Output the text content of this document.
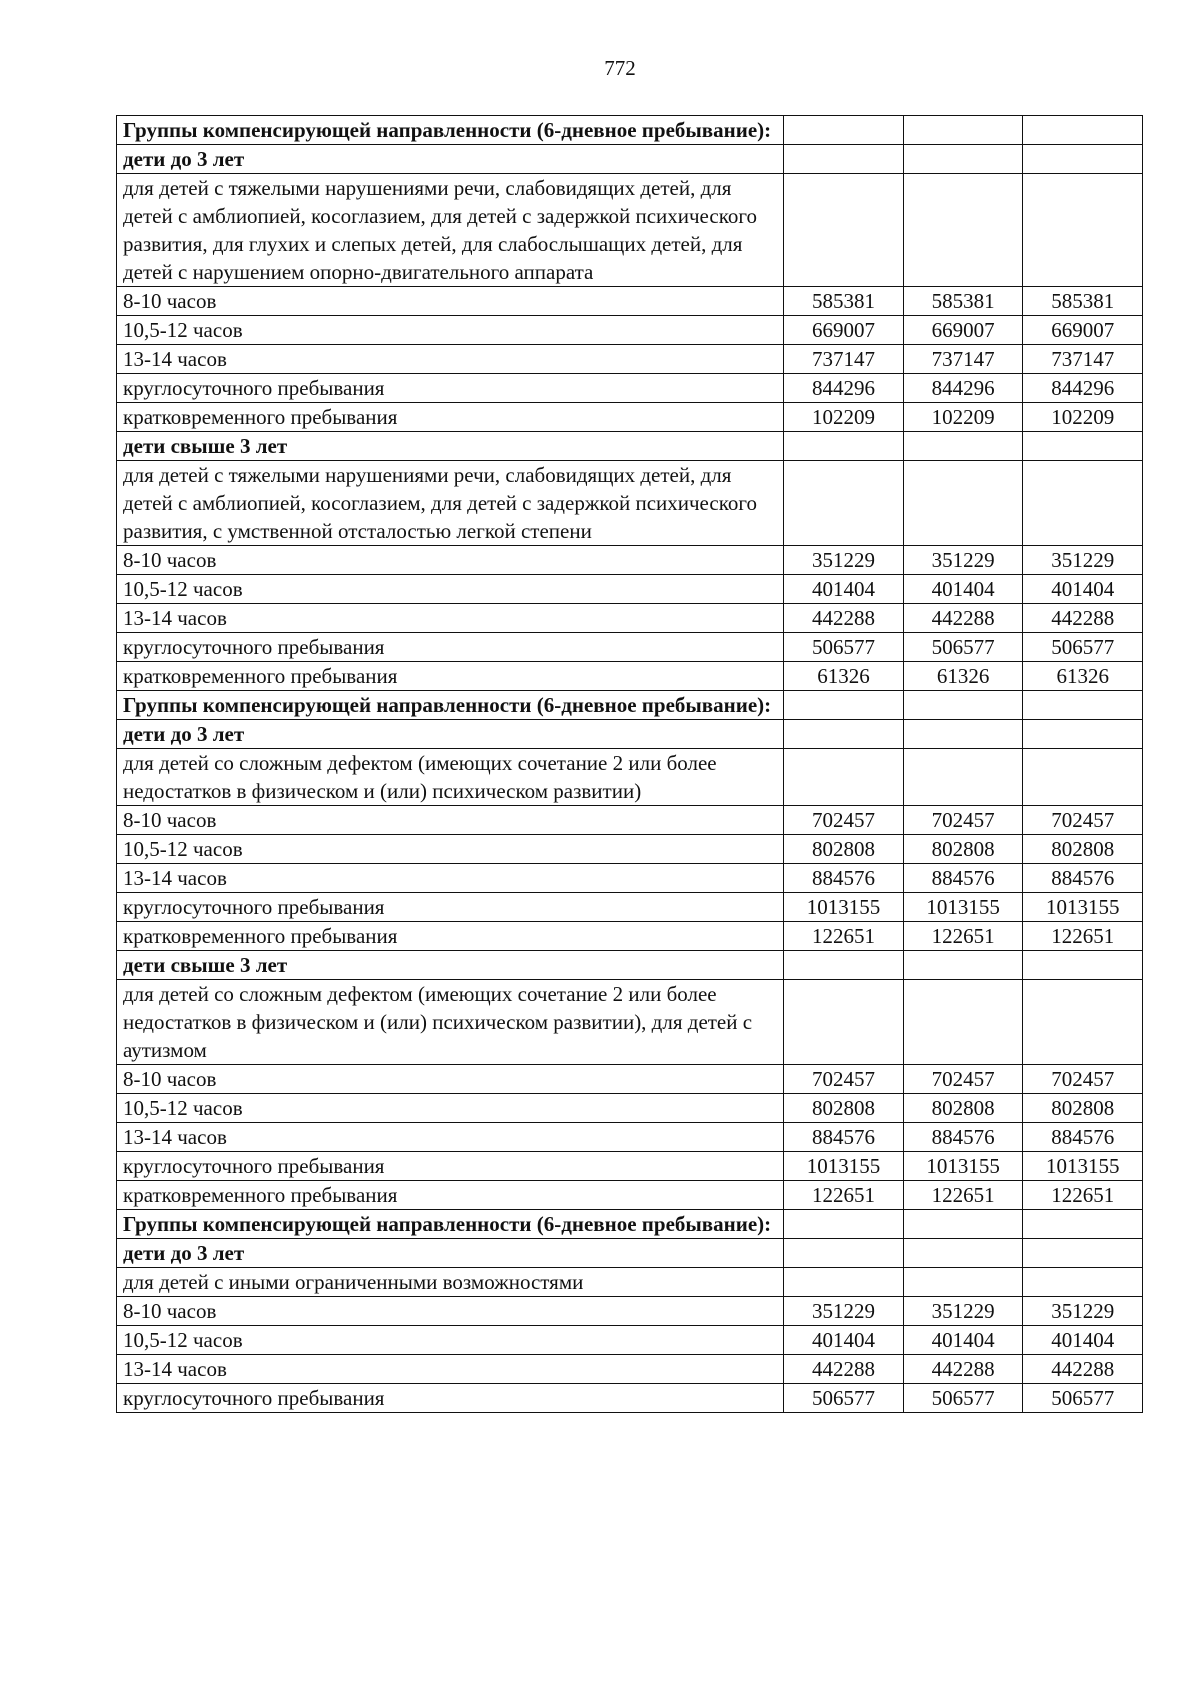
772
Группы компенсирующей направленности (6-дневное пребывание):			
дети до 3 лет			
для детей с тяжелыми нарушениями речи, слабовидящих детей, для детей с амблиопией, косоглазием, для детей с задержкой психического развития, для глухих и слепых детей, для слабослышащих детей, для детей с нарушением опорно-двигательного аппарата			
8-10 часов	585381	585381	585381
10,5-12 часов	669007	669007	669007
13-14 часов	737147	737147	737147
круглосуточного пребывания	844296	844296	844296
кратковременного пребывания	102209	102209	102209
дети свыше 3 лет			
для детей с тяжелыми нарушениями речи, слабовидящих детей, для детей с амблиопией, косоглазием, для детей с задержкой психического развития, с умственной отсталостью легкой степени			
8-10 часов	351229	351229	351229
10,5-12 часов	401404	401404	401404
13-14 часов	442288	442288	442288
круглосуточного пребывания	506577	506577	506577
кратковременного пребывания	61326	61326	61326
Группы компенсирующей направленности (6-дневное пребывание):			
дети до 3 лет			
для детей со сложным дефектом (имеющих сочетание 2 или более недостатков в физическом и (или) психическом развитии)			
8-10 часов	702457	702457	702457
10,5-12 часов	802808	802808	802808
13-14 часов	884576	884576	884576
круглосуточного пребывания	1013155	1013155	1013155
кратковременного пребывания	122651	122651	122651
дети свыше 3 лет			
для детей со сложным дефектом (имеющих сочетание 2 или более недостатков в физическом и (или) психическом развитии), для детей с аутизмом			
8-10 часов	702457	702457	702457
10,5-12 часов	802808	802808	802808
13-14 часов	884576	884576	884576
круглосуточного пребывания	1013155	1013155	1013155
кратковременного пребывания	122651	122651	122651
Группы компенсирующей направленности (6-дневное пребывание):			
дети до 3 лет			
для детей с иными ограниченными возможностями			
8-10 часов	351229	351229	351229
10,5-12 часов	401404	401404	401404
13-14 часов	442288	442288	442288
круглосуточного пребывания	506577	506577	506577
